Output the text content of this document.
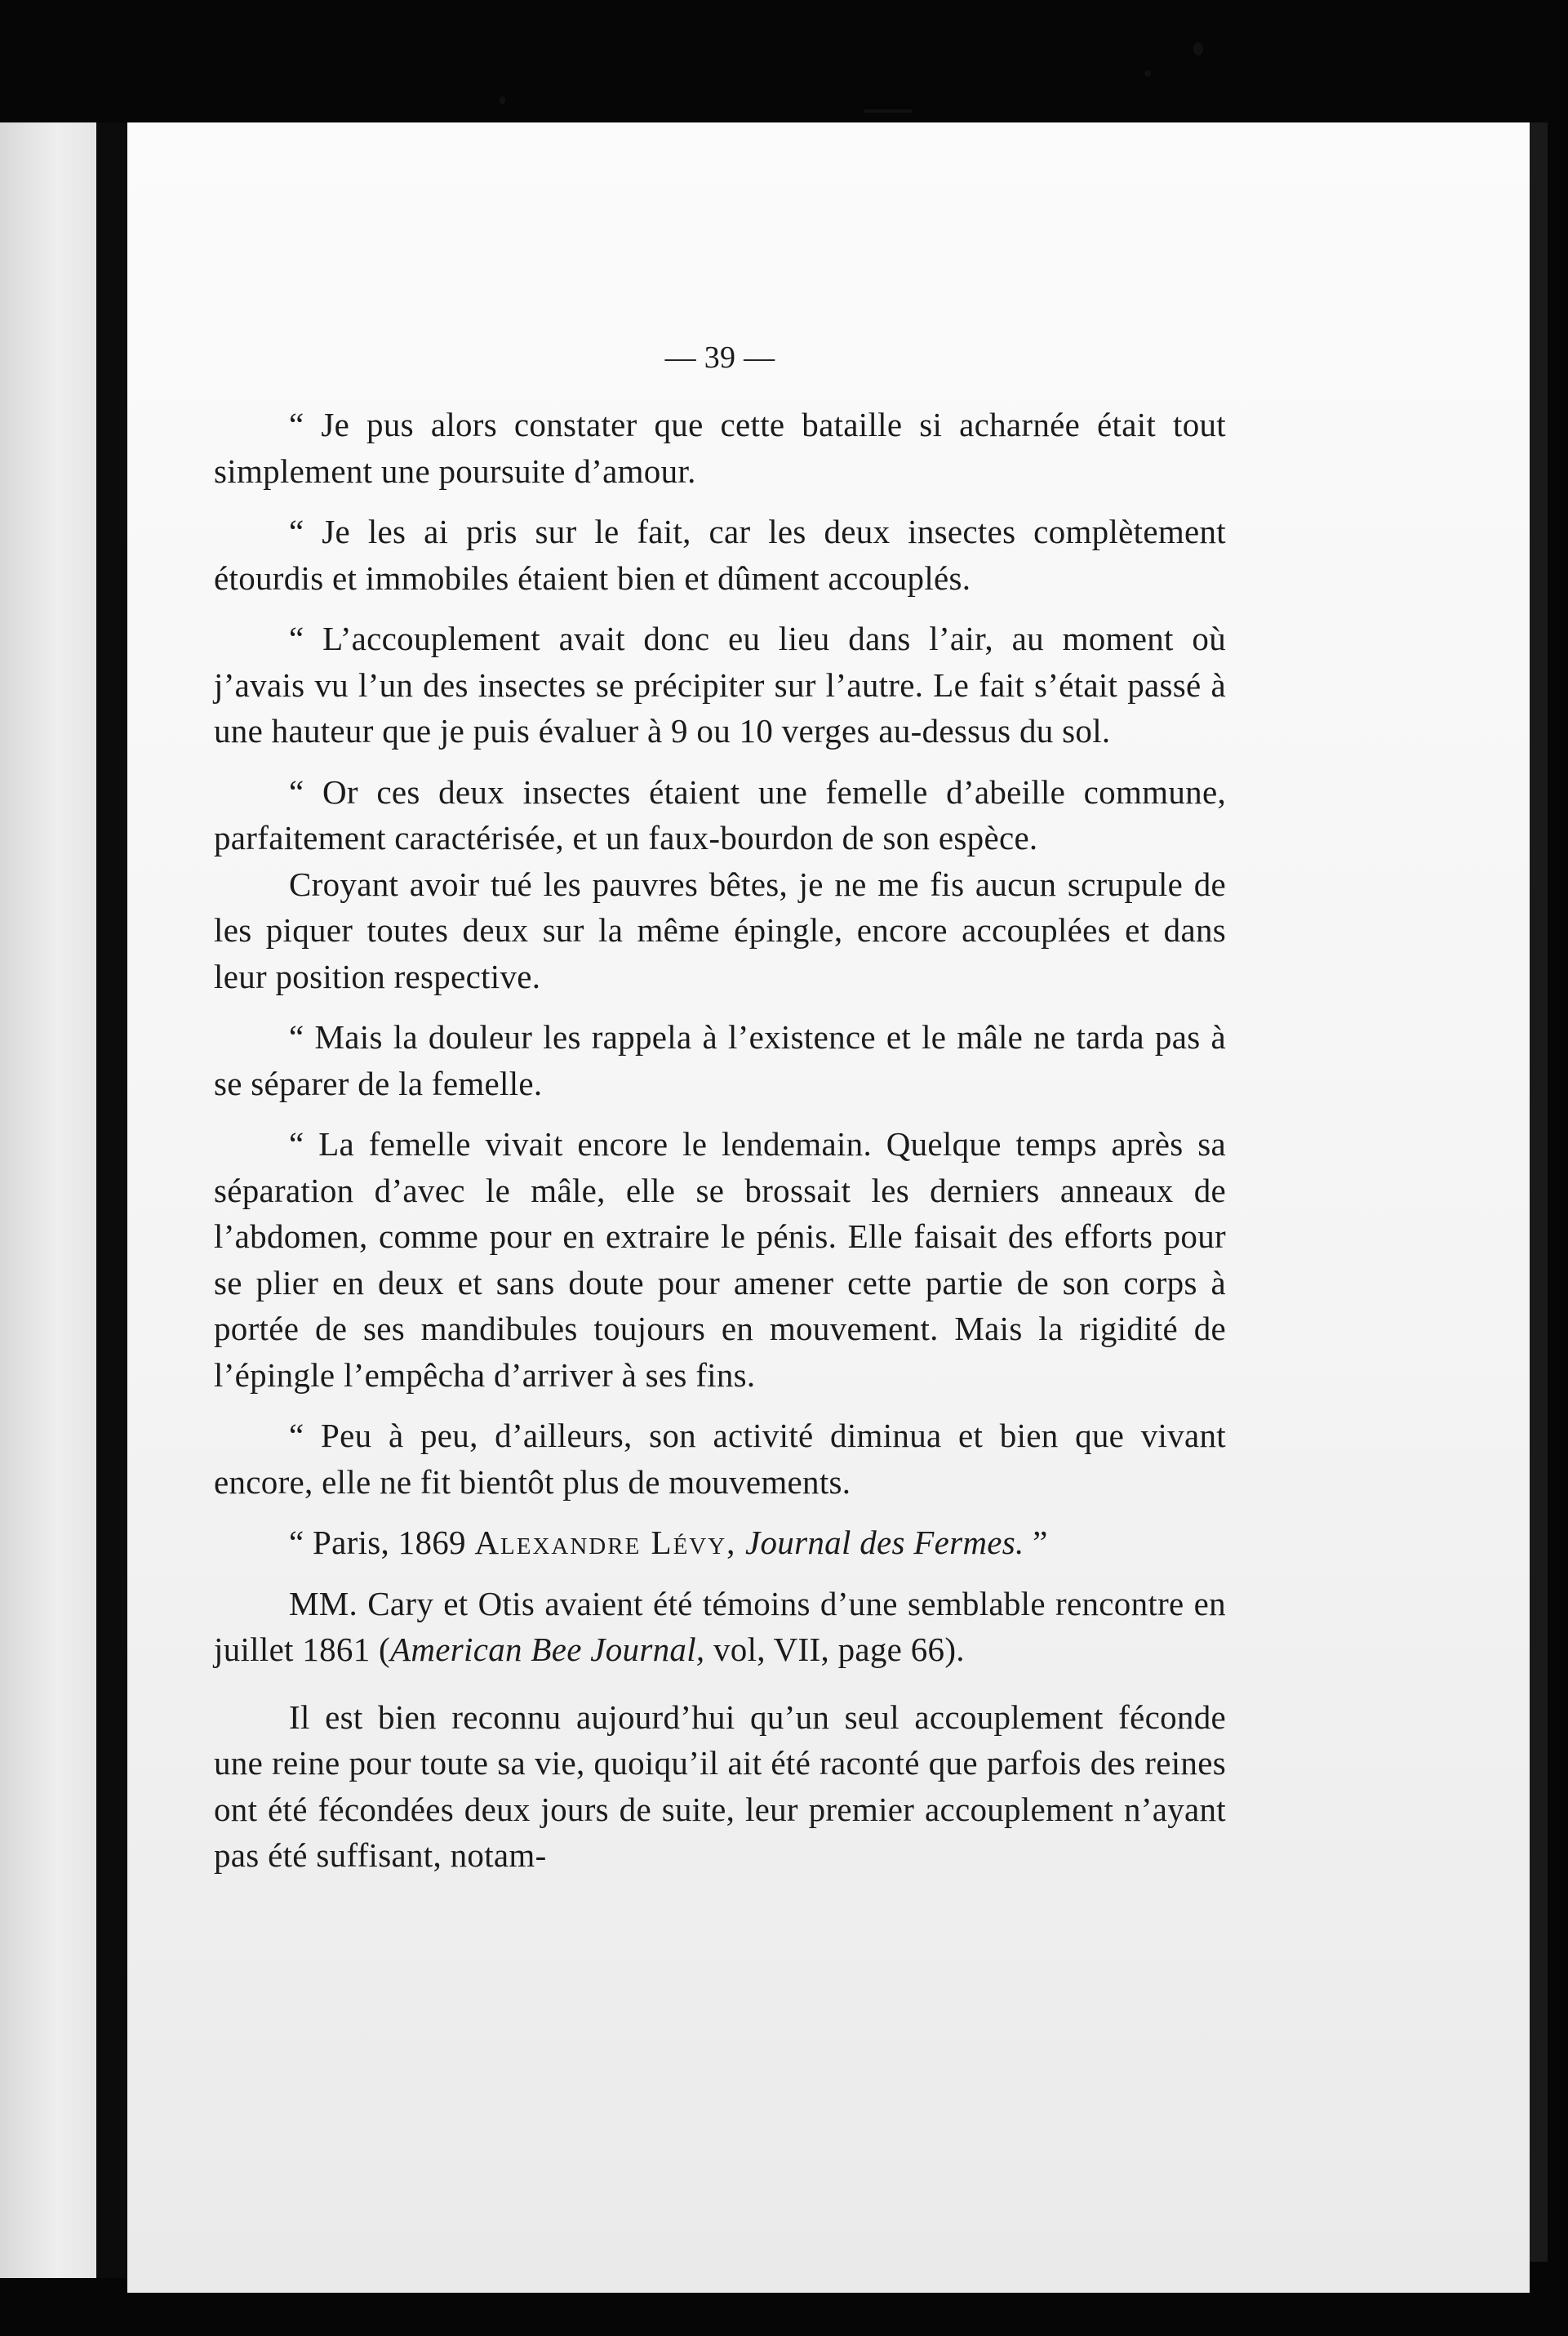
— 39 —

“ Je pus alors constater que cette bataille si acharnée était tout simplement une poursuite d’amour.

“ Je les ai pris sur le fait, car les deux insectes complètement étourdis et immobiles étaient bien et dûment accouplés.

“ L’accouplement avait donc eu lieu dans l’air, au moment où j’avais vu l’un des insectes se précipiter sur l’autre. Le fait s’était passé à une hauteur que je puis évaluer à 9 ou 10 verges au-dessus du sol.

“ Or ces deux insectes étaient une femelle d’abeille commune, parfaitement caractérisée, et un faux-bourdon de son espèce.

Croyant avoir tué les pauvres bêtes, je ne me fis aucun scrupule de les piquer toutes deux sur la même épingle, encore accouplées et dans leur position respective.

“ Mais la douleur les rappela à l’existence et le mâle ne tarda pas à se séparer de la femelle.

“ La femelle vivait encore le lendemain. Quelque temps après sa séparation d’avec le mâle, elle se brossait les derniers anneaux de l’abdomen, comme pour en extraire le pénis. Elle faisait des efforts pour se plier en deux et sans doute pour amener cette partie de son corps à portée de ses mandibules toujours en mouvement. Mais la rigidité de l’épingle l’empêcha d’arriver à ses fins.

“ Peu à peu, d’ailleurs, son activité diminua et bien que vivant encore, elle ne fit bientôt plus de mouvements.

“ Paris, 1869 Alexandre Lévy, Journal des Fermes. ”

MM. Cary et Otis avaient été témoins d’une semblable rencontre en juillet 1861 (American Bee Journal, vol, VII, page 66).

Il est bien reconnu aujourd’hui qu’un seul accouplement féconde une reine pour toute sa vie, quoiqu’il ait été raconté que parfois des reines ont été fécondées deux jours de suite, leur premier accouplement n’ayant pas été suffisant, notam-
